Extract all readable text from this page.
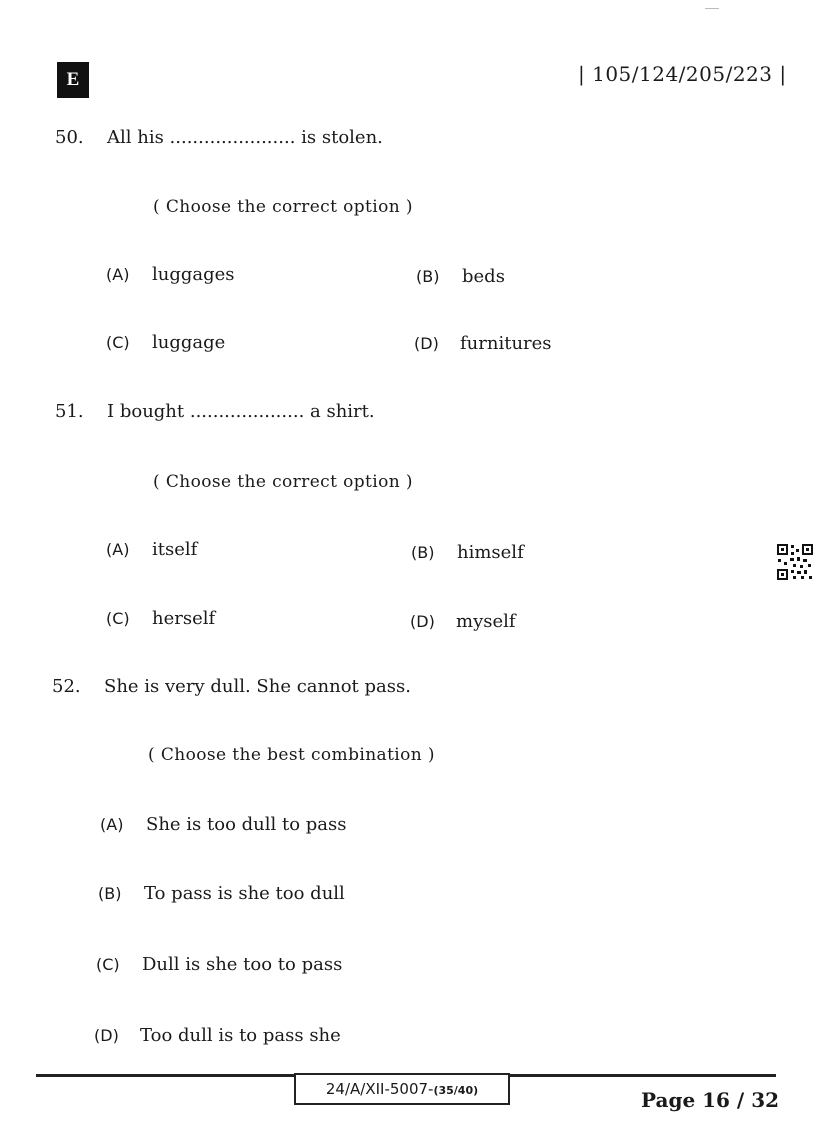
E	| 105/124/205/223 |
50. All his ...................... is stolen.
( Choose the correct option )
(A) luggages	(B) beds
(C) luggage	(D) furnitures
51. I bought .................... a shirt.
( Choose the correct option )
(A) itself	(B) himself
(C) herself	(D) myself
52. She is very dull. She cannot pass.
( Choose the best combination )
(A) She is too dull to pass
(B) To pass is she too dull
(C) Dull is she too to pass
(D) Too dull is to pass she
24/A/XII-5007-(35/40)	Page 16 / 32
